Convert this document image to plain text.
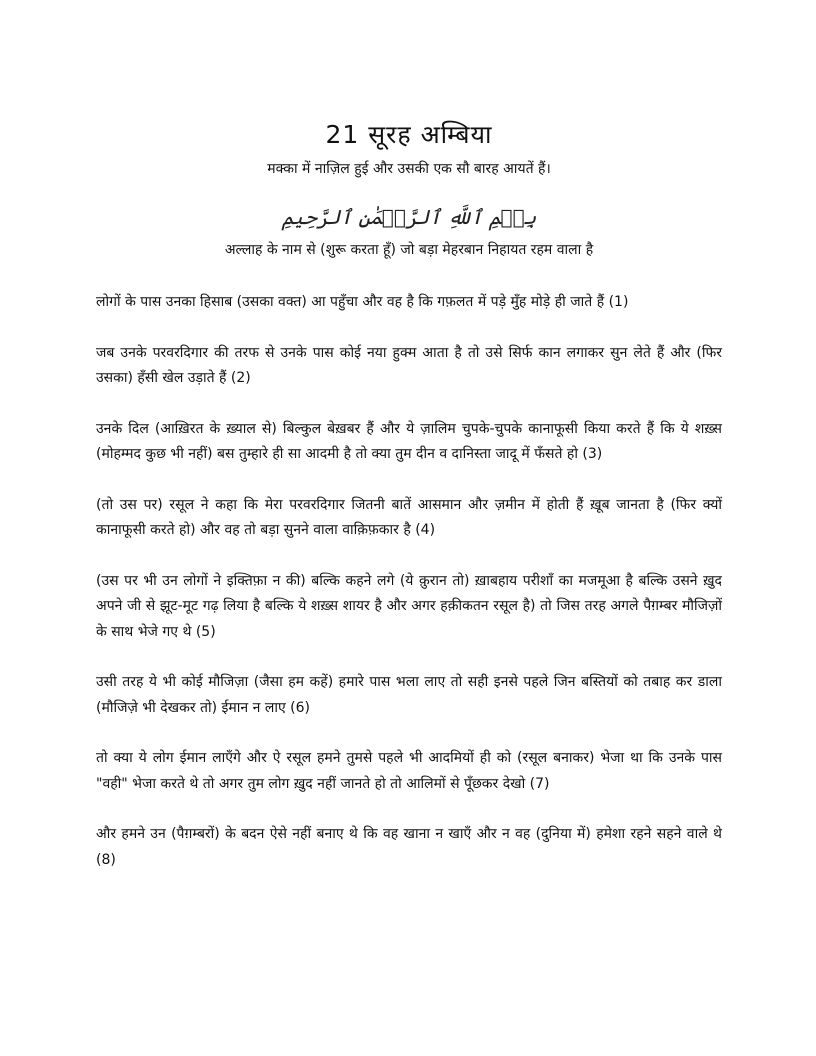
21 सूरह अम्बिया

मक्का में नाज़िल हुई और उसकी एक सौ बारह आयतें हैं।

بِسۡمِ ٱللَّهِ ٱلرَّحۡمَٰنِ ٱلرَّحِيمِ
अल्लाह के नाम से (शुरू करता हूँ) जो बड़ा मेहरबान निहायत रहम वाला है

लोगों के पास उनका हिसाब (उसका वक्त) आ पहुँचा और वह है कि गफ़लत में पड़े मुँह मोड़े ही जाते हैं (1)

जब उनके परवरदिगार की तरफ से उनके पास कोई नया हुक्म आता है तो उसे सिर्फ कान लगाकर सुन लेते हैं और (फिर उसका) हँसी खेल उड़ाते हैं (2)

उनके दिल (आख़िरत के ख़्याल से) बिल्कुल बेख़बर हैं और ये ज़ालिम चुपके-चुपके कानाफूसी किया करते हैं कि ये शख़्स (मोहम्मद कुछ भी नहीं) बस तुम्हारे ही सा आदमी है तो क्या तुम दीन व दानिस्ता जादू में फँसते हो (3)

(तो उस पर) रसूल ने कहा कि मेरा परवरदिगार जितनी बातें आसमान और ज़मीन में होती हैं ख़ूब जानता है (फिर क्यों कानाफूसी करते हो) और वह तो बड़ा सुनने वाला वाक़िफ़कार है (4)

(उस पर भी उन लोगों ने इक्तिफ़ा न की) बल्कि कहने लगे (ये क़ुरान तो) ख़ाबहाय परीशाँ का मजमूआ है बल्कि उसने ख़ुद अपने जी से झूट-मूट गढ़ लिया है बल्कि ये शख़्स शायर है और अगर हक़ीकतन रसूल है) तो जिस तरह अगले पैग़म्बर मौजिज़ों के साथ भेजे गए थे (5)

उसी तरह ये भी कोई मौजिज़ा (जैसा हम कहें) हमारे पास भला लाए तो सही इनसे पहले जिन बस्तियों को तबाह कर डाला (मौजिज़े भी देखकर तो) ईमान न लाए (6)

तो क्या ये लोग ईमान लाएँगे और ऐ रसूल हमने तुमसे पहले भी आदमियों ही को (रसूल बनाकर) भेजा था कि उनके पास "वही" भेजा करते थे तो अगर तुम लोग ख़ुद नहीं जानते हो तो आलिमों से पूँछकर देखो (7)

और हमने उन (पैग़म्बरों) के बदन ऐसे नहीं बनाए थे कि वह खाना न खाएँ और न वह (दुनिया में) हमेशा रहने सहने वाले थे (8)
